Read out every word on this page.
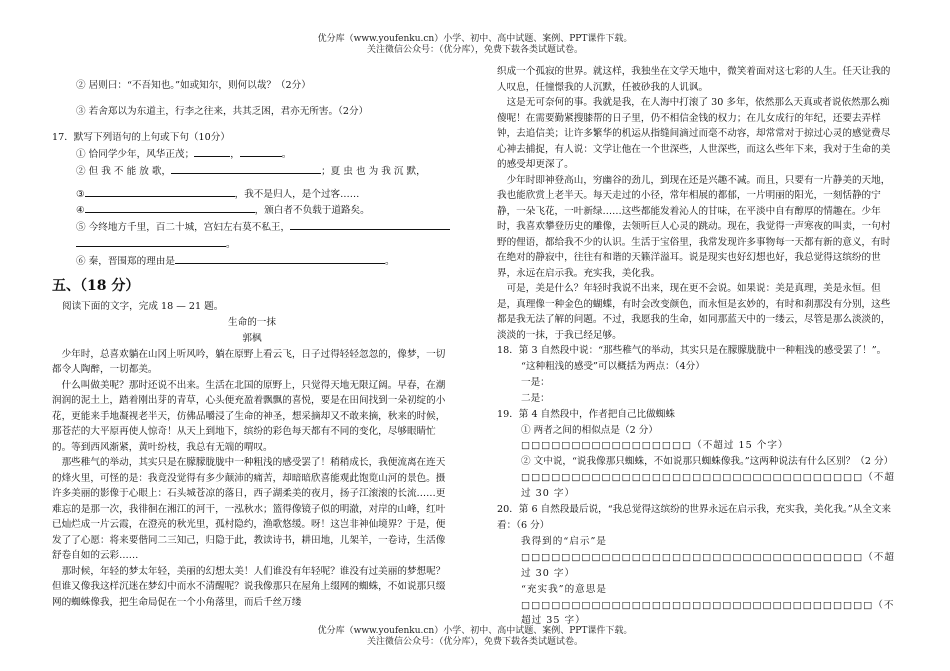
优分库（www.youfenku.cn）小学、初中、高中试题、案例、PPT课件下载。
关注微信公众号：（优分库），免费下载各类试题试卷。

② 居则曰：“不吾知也。”如或知尔，则何以哉？（2分）

③ 若舍郑以为东道主，行李之往来，共其乏困，君亦无所害。（2分）

17．默写下列语句的上句或下句（10分）

① 恰同学少年，风华正茂；	，	。

② 但 我 不 能 放 歌，	；夏 虫 也 为 我 沉 默，

③	，我不是归人，是个过客……

④	，颁白者不负载于道路矣。

⑤ 今终地方千里，百二十城，宫妇左右莫不私王，

。

⑥ 秦，晋围郑的理由是	。

五、（18 分）

阅读下面的文字，完成 18 — 21 题。

生命的一抹

郭枫

少年时，总喜欢躺在山冈上听风吟，躺在原野上看云飞，日子过得轻轻忽忽的，像梦，一切都令人陶醉，一切都美。

什么叫做美呢？那时还说不出来。生活在北国的原野上，只觉得天地无限辽阔。早春，在潮润润的泥土上，踏着刚出芽的青草，心头便充盈着飘飘的喜悦，要是在田间找到一朵初绽的小花，更能来手地凝视老半天，仿佛品嚼浸了生命的神圣，想采摘却又不敢来摘，秋来的时候，那苍茫的大平原再使人惊奇！从天上到地下，缤纷的彩色每天都有不同的变化，尽够眼睛忙的。等到西风渐紧，黄叶纷枝，我总有无端的喟叹。

那些稚气的举动，其实只是在朦朦胧胧中一种粗浅的感受罢了！稍稍成长，我便流离在连天的烽火里，可怪的是：我竟没觉得有多少颠沛的痛苦，却暗暗欣喜能观此饱览山河的景色。摄许多美丽的影像于心眼上：石头城苍凉的落日，西子湖柔美的夜月，扬子江滚滚的长流……更难忘的是那一次，我徘徊在湘江的河干，一泓秋水；篮得像镜子似的明澈，对岸的山峰，红叶已灿烂成一片云霞，在澄亮的秋光里，孤村隐约，渔歌悠缓。呀！这岂非神仙境界？于是，便发了了心愿：将来要偕同二三知己，归隐于此，教读诗书，耕田地，儿架羊，一卷诗，生活像舒卷自如的云彩……

那时候，年轻的梦太年轻，美丽的幻想太美！人们谁没有年轻呢？谁没有过美丽的梦想呢？但谁又像我这样沉迷在梦幻中而水不清醒呢？说我像那只在屋角上缀网的蜘蛛，不如说那只缀网的蜘蛛像我，把生命局促在一个小角落里，而后千丝万缕

织成一个孤寂的世界。就这样，我独坐在文学天地中，微笑着面对这七彩的人生。任天让我的人叹息，任憧憬我的人沉默，任被砂我的人讥讽。

这是无可奈何的事。我就是我，在人海中打滚了 30 多年，依然那么天真或者说依然那么痴傻呢！在需要勤紧搜膝帮的日子里，仍不相信金钱的权力；在儿女成行的年纪，还要去弄样钟，去追信美；让许多繁华的机运从指缝间滴过而毫不动容，却常常对于掠过心灵的感觉费尽心神去捕捉，有人说：文学让他在一个世深些，人世深些，而这么些年下来，我对于生命的美的感受却更深了。

少年时即神登高山，穷幽谷的劲儿，到现在还是兴趣不减。而且，只要有一片静美的天地，我也能欣赏上老半天。每天走过的小径，常年相展的都郁，一片明丽的阳光，一刻恬静的宁静，一朵飞花，一叶新绿……这些都能发着沁人的甘味，在平淡中自有醇厚的情趣在。少年时，我喜欢攀登历史的雕像，去领听巨人心灵的跳动。现在，我觉得一声寒夜的叫卖，一句村野的俚语，都给我不少的认识。生活于宝俗里，我常发现许多事物每一天都有新的意义，有时在绝对的静寂中，往往有和谐的天籁洋溢耳。说是现实也好幻想也好，我总觉得这缤纷的世界，永远在启示我。充实我，美化我。

可是，美是什么？年轻时我说不出来，现在更不会说。如果说：美是真理，美是永恒。但是，真理像一种金色的蝴蝶，有时会改变颜色，而永恒是玄妙的，有时和刹那没有分别，这些都是我无法了解的问题。不过，我愿我的生命，如同那蓝天中的一缕云，尽管是那么淡淡的，淡淡的一抹，于我已经足够。

18．第 3 自然段中说：“那些稚气的举动，其实只是在朦朦胧胧中一种粗浅的感受罢了！”。

“这种粗浅的感受”可以概括为两点：（4分）

一是：

二是：

19．第 4 自然段中，作者把自己比做蜘蛛

① 两者之间的相似点是（2 分）

□□□□□□□□□□□□□□□□□（不超过 15 个字）

② 文中说，“说我像那只蜘蛛，不如说那只蜘蛛像我。”这两种说法有什么区别？（2 分）

□□□□□□□□□□□□□□□□□□□□□□□□□□□□□□□□□□（不超过 30 字）

20．第 6 自然段最后说，“我总觉得这缤纷的世界永远在启示我，充实我，美化我。”从全文来看：（6 分）

我得到的“启示”是□□□□□□□□□□□□□□□□□□□□□□□□□□□□□□□□□□（不超过 30 字）

“充实我”的意思是□□□□□□□□□□□□□□□□□□□□□□□□□□□□□□□□□□□（不超过 35 字）

优分库（www.youfenku.cn）小学、初中、高中试题、案例、PPT课件下载。
关注微信公众号：（优分库），免费下载各类试题试卷。
